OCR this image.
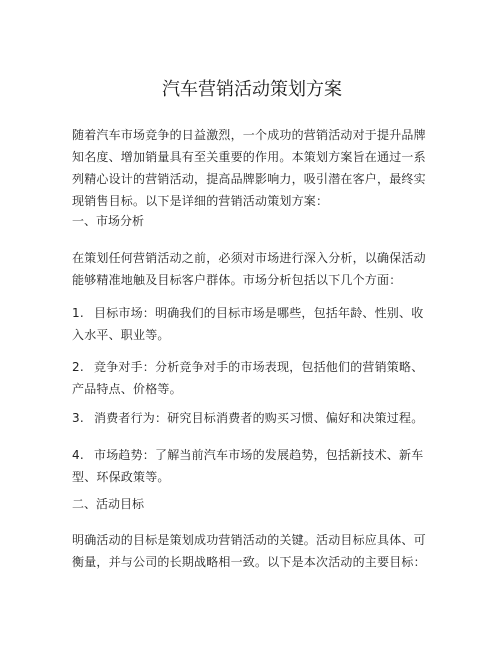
汽车营销活动策划方案

随着汽车市场竞争的日益激烈，一个成功的营销活动对于提升品牌知名度、增加销量具有至关重要的作用。本策划方案旨在通过一系列精心设计的营销活动，提高品牌影响力，吸引潜在客户，最终实现销售目标。以下是详细的营销活动策划方案：

一、市场分析

在策划任何营销活动之前，必须对市场进行深入分析，以确保活动能够精准地触及目标客户群体。市场分析包括以下几个方面：

1. 目标市场：明确我们的目标市场是哪些，包括年龄、性别、收入水平、职业等。

2. 竞争对手：分析竞争对手的市场表现，包括他们的营销策略、产品特点、价格等。

3. 消费者行为：研究目标消费者的购买习惯、偏好和决策过程。

4. 市场趋势：了解当前汽车市场的发展趋势，包括新技术、新车型、环保政策等。

二、活动目标

明确活动的目标是策划成功营销活动的关键。活动目标应具体、可衡量，并与公司的长期战略相一致。以下是本次活动的主要目标：
